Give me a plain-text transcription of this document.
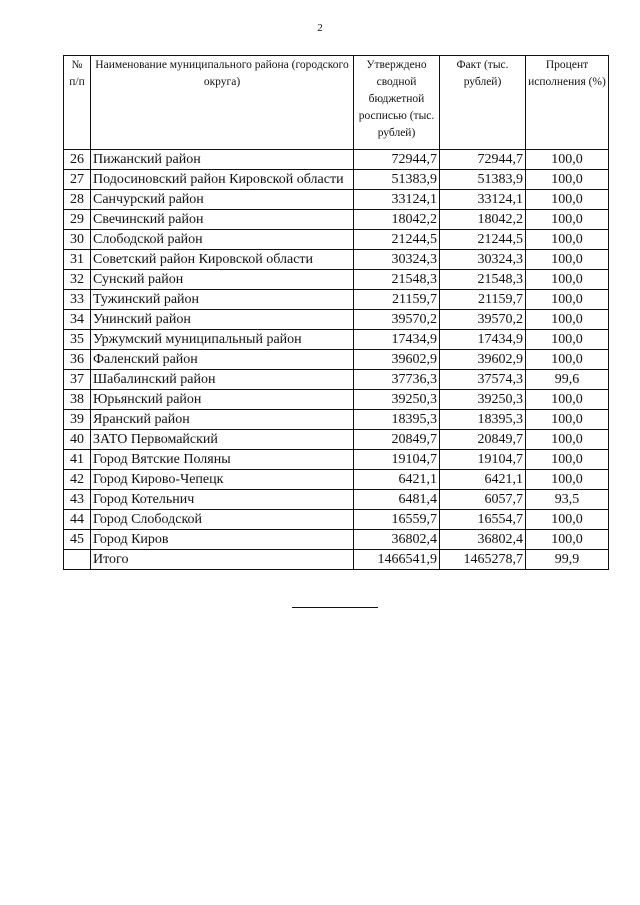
2
№ п/п	Наименование муниципального района (городского округа)	Утверждено сводной бюджетной росписью (тыс. рублей)	Факт (тыс. рублей)	Процент исполнения (%)
26	Пижанский район	72944,7	72944,7	100,0
27	Подосиновский район Кировской области	51383,9	51383,9	100,0
28	Санчурский район	33124,1	33124,1	100,0
29	Свечинский район	18042,2	18042,2	100,0
30	Слободской район	21244,5	21244,5	100,0
31	Советский район Кировской области	30324,3	30324,3	100,0
32	Сунский район	21548,3	21548,3	100,0
33	Тужинский район	21159,7	21159,7	100,0
34	Унинский район	39570,2	39570,2	100,0
35	Уржумский муниципальный район	17434,9	17434,9	100,0
36	Фаленский район	39602,9	39602,9	100,0
37	Шабалинский район	37736,3	37574,3	99,6
38	Юрьянский район	39250,3	39250,3	100,0
39	Яранский район	18395,3	18395,3	100,0
40	ЗАТО Первомайский	20849,7	20849,7	100,0
41	Город Вятские Поляны	19104,7	19104,7	100,0
42	Город Кирово-Чепецк	6421,1	6421,1	100,0
43	Город Котельнич	6481,4	6057,7	93,5
44	Город Слободской	16559,7	16554,7	100,0
45	Город Киров	36802,4	36802,4	100,0
	Итого	1466541,9	1465278,7	99,9
